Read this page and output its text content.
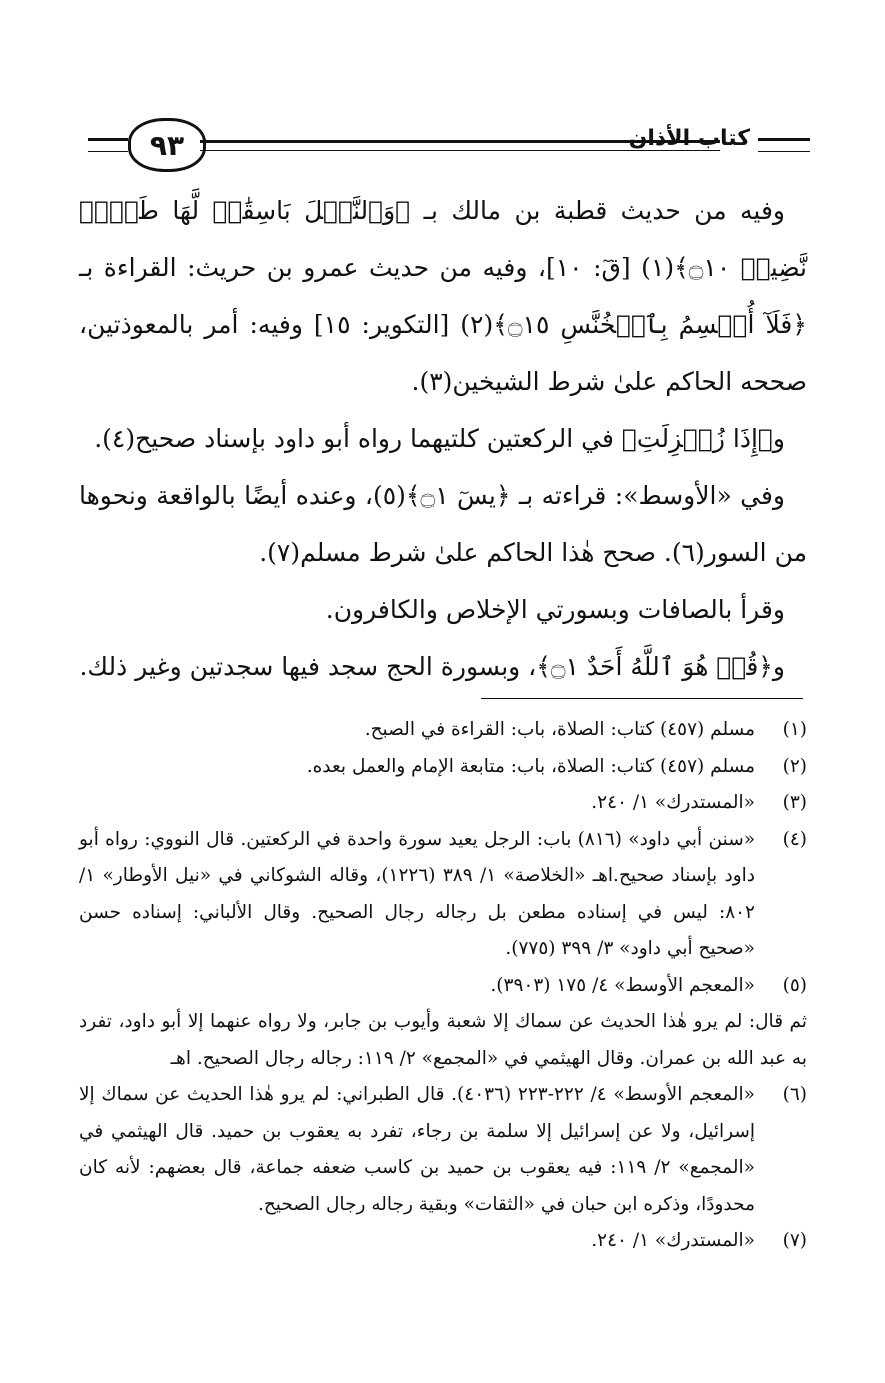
٩٣	كتاب الأذان

وفيه من حديث قطبة بن مالك بـ ﴿وَٱلنَّخۡلَ بَاسِقَٰتٖ لَّهَا طَلۡعٞ نَّضِيدٞ ۝١٠﴾(١) [قٓ: ١٠]، وفيه من حديث عمرو بن حريث: القراءة بـ ﴿فَلَآ أُقۡسِمُ بِٱلۡخُنَّسِ ۝١٥﴾(٢) [التكوير: ١٥] وفيه: أمر بالمعوذتين، صححه الحاكم علىٰ شرط الشيخين(٣).

و﴿إِذَا زُلۡزِلَتِ﴾ في الركعتين كلتيهما رواه أبو داود بإسناد صحيح(٤).

وفي «الأوسط»: قراءته بـ ﴿يسٓ ۝١﴾(٥)، وعنده أيضًا بالواقعة ونحوها من السور(٦). صحح هٰذا الحاكم علىٰ شرط مسلم(٧).

وقرأ بالصافات وبسورتي الإخلاص والكافرون.

و﴿قُلۡ هُوَ ٱللَّهُ أَحَدٌ ۝١﴾، وبسورة الحج سجد فيها سجدتين وغير ذلك.

(١)
مسلم (٤٥٧) كتاب: الصلاة، باب: القراءة في الصبح.
(٢)
مسلم (٤٥٧) كتاب: الصلاة، باب: متابعة الإمام والعمل بعده.
(٣)
«المستدرك» ١/ ٢٤٠.
(٤)
«سنن أبي داود» (٨١٦) باب: الرجل يعيد سورة واحدة في الركعتين. قال النووي: رواه أبو داود بإسناد صحيح.اهـ «الخلاصة» ١/ ٣٨٩ (١٢٢٦)، وقاله الشوكاني في «نيل الأوطار» ١/ ٨٠٢: ليس في إسناده مطعن بل رجاله رجال الصحيح. وقال الألباني: إسناده حسن «صحيح أبي داود» ٣/ ٣٩٩ (٧٧٥).
(٥)
«المعجم الأوسط» ٤/ ١٧٥ (٣٩٠٣).
ثم قال: لم يرو هٰذا الحديث عن سماك إلا شعبة وأيوب بن جابر، ولا رواه عنهما إلا أبو داود، تفرد به عبد الله بن عمران. وقال الهيثمي في «المجمع» ٢/ ١١٩: رجاله رجال الصحيح. اهـ
(٦)
«المعجم الأوسط» ٤/ ٢٢٢-٢٢٣ (٤٠٣٦). قال الطبراني: لم يرو هٰذا الحديث عن سماك إلا إسرائيل، ولا عن إسرائيل إلا سلمة بن رجاء، تفرد به يعقوب بن حميد. قال الهيثمي في «المجمع» ٢/ ١١٩: فيه يعقوب بن حميد بن كاسب ضعفه جماعة، قال بعضهم: لأنه كان محدودًا، وذكره ابن حبان في «الثقات» وبقية رجاله رجال الصحيح.
(٧)
«المستدرك» ١/ ٢٤٠.
